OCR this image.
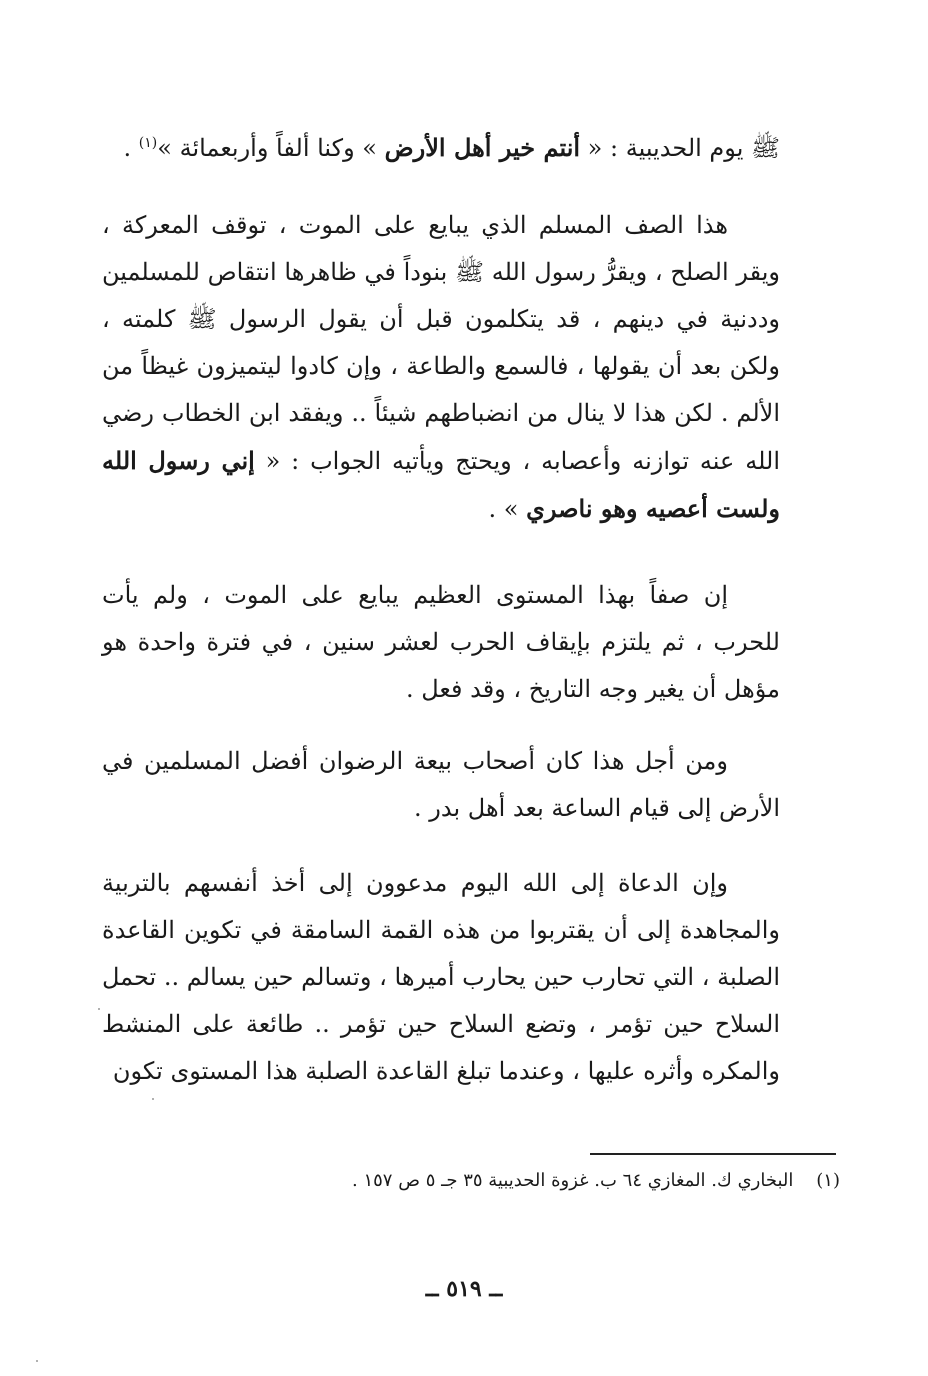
ﷺ يوم الحديبية : « أنتم خير أهل الأرض » وكنا ألفاً وأربعمائة »$^{(١)}$ .

هذا الصف المسلم الذي يبايع على الموت ، توقف المعركة ، ويقر الصلح ، ويقرُّ رسول الله ﷺ بنوداً في ظاهرها انتقاص للمسلمين وددنية في دينهم ، قد يتكلمون قبل أن يقول الرسول ﷺ كلمته ، ولكن بعد أن يقولها ، فالسمع والطاعة ، وإن كادوا ليتميزون غيظاً من الألم . لكن هذا لا ينال من انضباطهم شيئاً .. ويفقد ابن الخطاب رضي الله عنه توازنه وأعصابه ، ويحتج ويأتيه الجواب : « إني رسول الله ولست أعصيه وهو ناصري » .

إن صفاً بهذا المستوى العظيم يبايع على الموت ، ولم يأت للحرب ، ثم يلتزم بإيقاف الحرب لعشر سنين ، في فترة واحدة هو مؤهل أن يغير وجه التاريخ ، وقد فعل .

ومن أجل هذا كان أصحاب بيعة الرضوان أفضل المسلمين في الأرض إلى قيام الساعة بعد أهل بدر .

وإن الدعاة إلى الله اليوم مدعوون إلى أخذ أنفسهم بالتربية والمجاهدة إلى أن يقتربوا من هذه القمة السامقة في تكوين القاعدة الصلبة ، التي تحارب حين يحارب أميرها ، وتسالم حين يسالم .. تحمل السلاح حين تؤمر ، وتضع السلاح حين تؤمر .. طائعة على المنشط والمكره وأثره عليها ، وعندما تبلغ القاعدة الصلبة هذا المستوى تكون

(١)    البخاري ك. المغازي ٦٤ ب. غزوة الحديبية ٣٥ جـ ٥ ص ١٥٧ .
ــ ٥١٩ ــ
